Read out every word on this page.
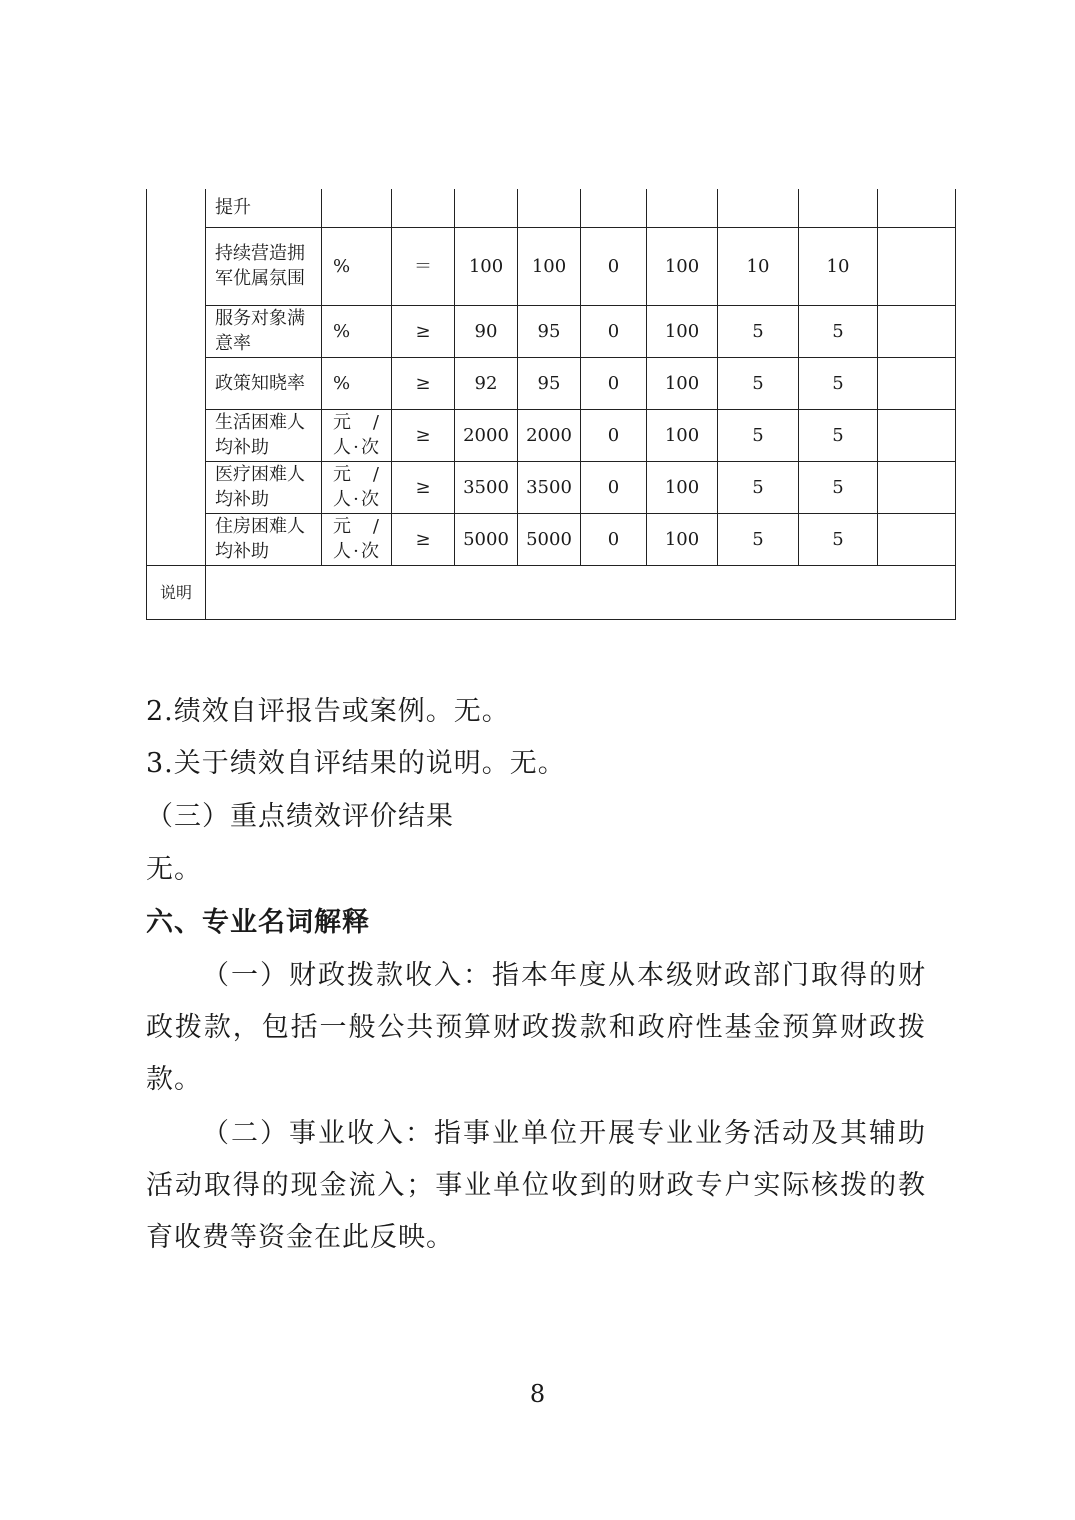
	提升									
	持续营造拥军优属氛围	%	＝	100	100	0	100	10	10	
	服务对象满意率	%	≥	90	95	0	100	5	5	
	政策知晓率	%	≥	92	95	0	100	5	5	
	生活困难人均补助	元 / 人·次	≥	2000	2000	0	100	5	5	
	医疗困难人均补助	元 / 人·次	≥	3500	3500	0	100	5	5	
	住房困难人均补助	元 / 人·次	≥	5000	5000	0	100	5	5	
说明										

2.绩效自评报告或案例。无。

3.关于绩效自评结果的说明。无。

（三）重点绩效评价结果

无。

六、专业名词解释

（一）财政拨款收入：指本年度从本级财政部门取得的财政拨款，包括一般公共预算财政拨款和政府性基金预算财政拨款。

（二）事业收入：指事业单位开展专业业务活动及其辅助活动取得的现金流入；事业单位收到的财政专户实际核拨的教育收费等资金在此反映。

8
